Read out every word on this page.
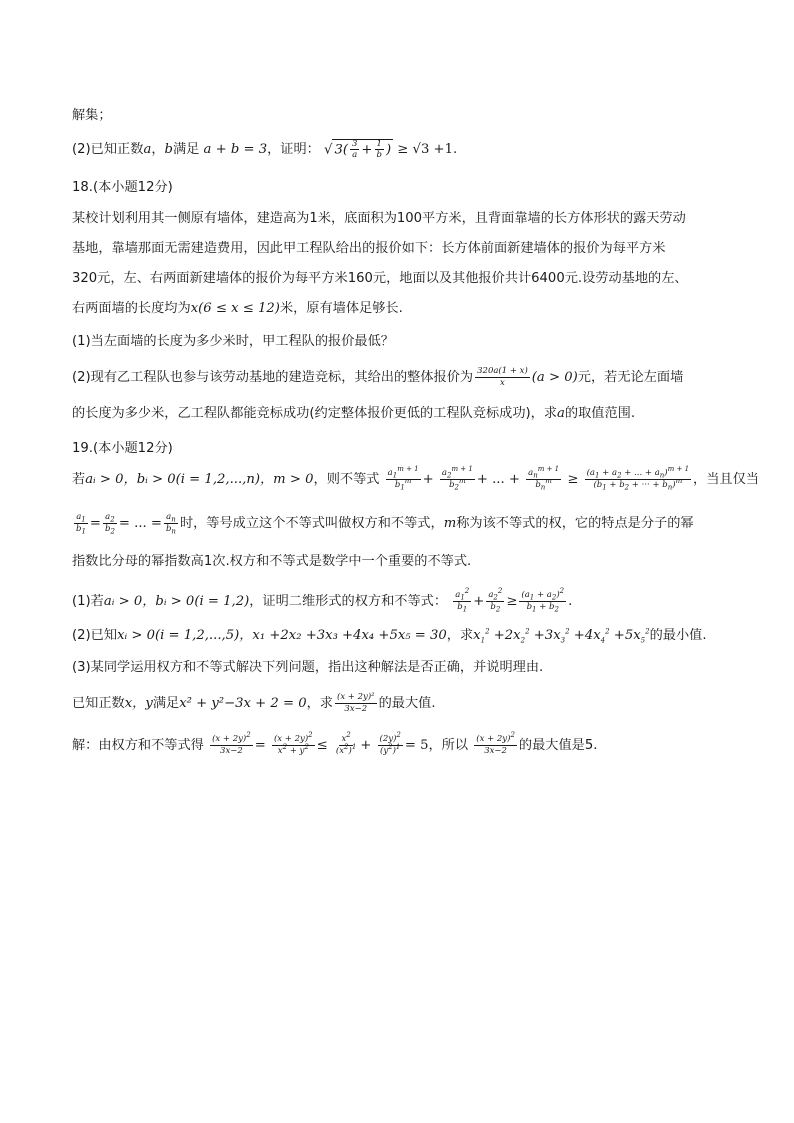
解集；
(2)已知正数a，b满足 a + b = 3，证明： √ $3( \frac{3}{a} + \frac{1}{b}$ ) ≥ √3 +1.
18.(本小题12分)
某校计划利用其一侧原有墙体，建造高为1米，底面积为100平方米，且背面靠墙的长方体形状的露天劳动
基地，靠墙那面无需建造费用，因此甲工程队给出的报价如下：长方体前面新建墙体的报价为每平方米
320元，左、右两面新建墙体的报价为每平方米160元，地面以及其他报价共计6400元.设劳动基地的左、
右两面墙的长度均为x(6 ≤ x ≤ 12)米，原有墙体足够长.
(1)当左面墙的长度为多少米时，甲工程队的报价最低？
(2)现有乙工程队也参与该劳动基地的建造竞标，其给出的整体报价为 $\frac{320a(1 + x)}{x} (a > 0)$元，若无论左面墙
的长度为多少米，乙工程队都能竞标成功(约定整体报价更低的工程队竞标成功)，求a的取值范围.
19.(本小题12分)
若aᵢ > 0，bᵢ > 0(i = 1,2,...,n)，m > 0，则不等式 $\frac{a_1^{m + 1}}{b_1^m} + \frac{a_2^{m + 1}}{b_2^m}$ + ... + $\frac{a_n^{m + 1}}{b_n^m} \ge \frac{(a_1 + a_2 + ... + a_n)^{m + 1}}{(b_1 + b_2 + \cdot\cdot\cdot + b_n)^m}$ ，当且仅当
$\frac{a_1}{b_1} = \frac{a_2}{b_2}$ = ... = $\frac{a_n}{b_n}$ 时，等号成立这个不等式叫做权方和不等式，m称为该不等式的权，它的特点是分子的幂
指数比分母的幂指数高1次.权方和不等式是数学中一个重要的不等式.
(1)若aᵢ > 0，bᵢ > 0(i = 1,2)，证明二维形式的权方和不等式： $\frac{a_1^2}{b_1} + \frac{a_2^2}{b_2} \ge \frac{(a_1 + a_2)^2}{b_1 + b_2}$ .
(2)已知xᵢ > 0(i = 1,2,...,5)，x₁ +2x₂ +3x₃ +4x₄ +5x₅ = 30，求$x_1^2 +2x_2^2 +3x_3^2 +4x_4^2 +5x_5^2$的最小值.
(3)某同学运用权方和不等式解决下列问题，指出这种解法是否正确，并说明理由.
已知正数x，y满足x² + y²−3x + 2 = 0，求 $\frac{\text{(x + 2y)²}}{3x-2}$ 的最大值.
解：由权方和不等式得 $\frac{(x + 2y)^2}{3x-2} = \frac{(x + 2y)^2}{x^2 + y^2} \le \frac{x^2}{(x^2)^1} + \frac{(2y)^2}{(y^2)^1} = 5$，所以 $\frac{(x + 2y)^2}{3x-2}$ 的最大值是5.
